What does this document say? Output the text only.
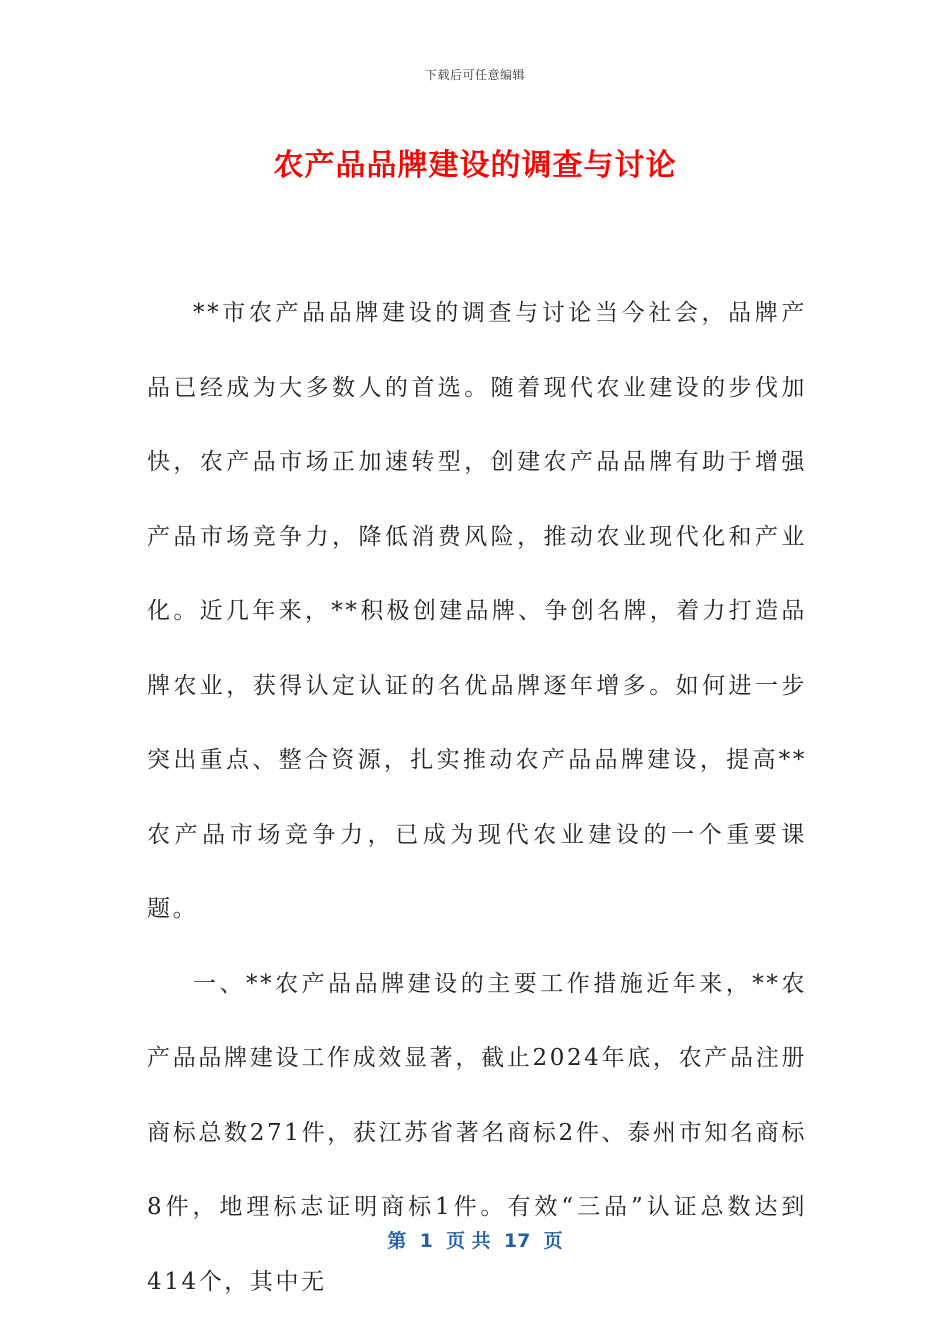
下载后可任意编辑
农产品品牌建设的调查与讨论

**市农产品品牌建设的调查与讨论当今社会，品牌产品已经成为大多数人的首选。随着现代农业建设的步伐加快，农产品市场正加速转型，创建农产品品牌有助于增强产品市场竞争力，降低消费风险，推动农业现代化和产业化。近几年来，**积极创建品牌、争创名牌，着力打造品牌农业，获得认定认证的名优品牌逐年增多。如何进一步突出重点、整合资源，扎实推动农产品品牌建设，提高**农产品市场竞争力，已成为现代农业建设的一个重要课题。

一、**农产品品牌建设的主要工作措施近年来，**农产品品牌建设工作成效显著，截止2024年底，农产品注册商标总数271件，获江苏省著名商标2件、泰州市知名商标8件，地理标志证明商标1件。有效“三品”认证总数达到414个，其中无

第  1  页 共  17  页
